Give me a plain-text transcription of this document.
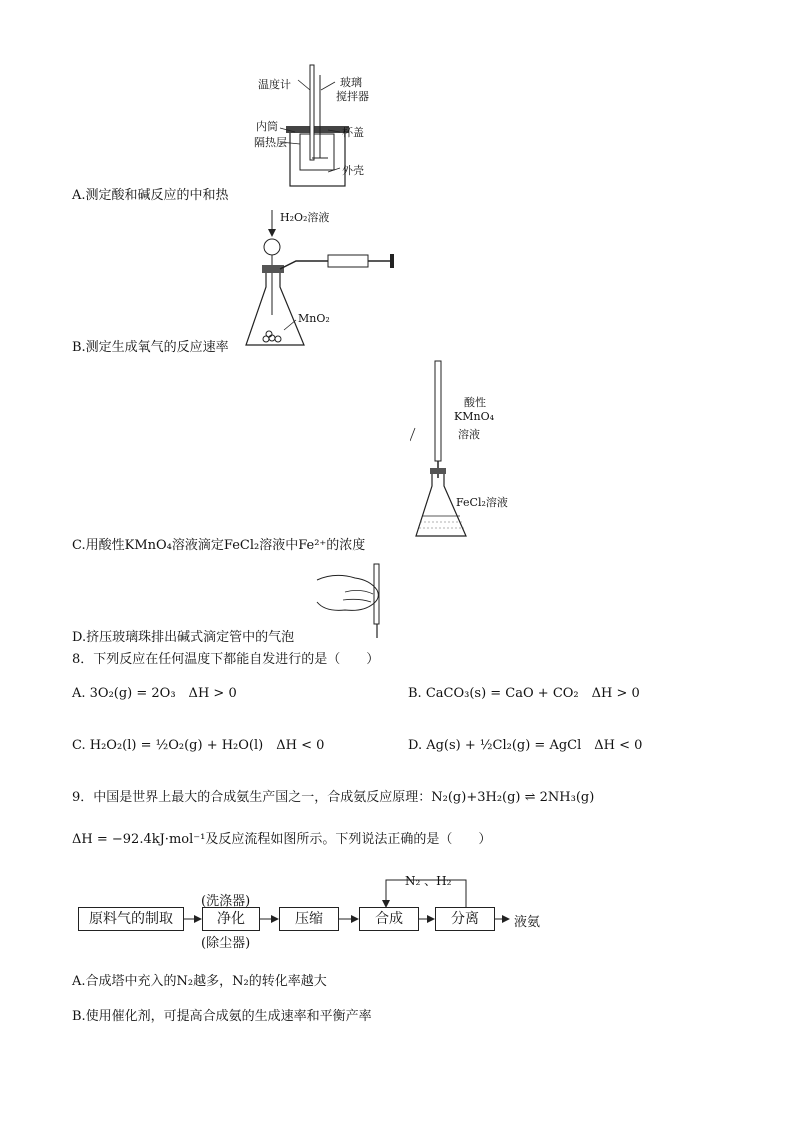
温度计	玻璃
搅拌器
内筒
隔热层
杯盖
外壳
A.测定酸和碱反应的中和热
H₂O₂溶液
MnO₂
B.测定生成氧气的反应速率
酸性
KMnO₄
溶液
FeCl₂溶液
C.用酸性KMnO₄溶液滴定FeCl₂溶液中Fe²⁺的浓度
D.挤压玻璃珠排出碱式滴定管中的气泡
8．下列反应在任何温度下都能自发进行的是（　　）
A. 3O₂(g) = 2O₃　ΔH > 0	B. CaCO₃(s) = CaO + CO₂　ΔH > 0
C. H₂O₂(l) = ½O₂(g) + H₂O(l)　ΔH < 0	D. Ag(s) + ½Cl₂(g) = AgCl　ΔH < 0
9．中国是世界上最大的合成氨生产国之一，合成氨反应原理：N₂(g)+3H₂(g) ⇌ 2NH₃(g)
ΔH = −92.4kJ·mol⁻¹及反应流程如图所示。下列说法正确的是（　　）
原料气的制取	净化	压缩	合成	分离
(洗涤器)
(除尘器)
N₂ 、H₂
液氨
A.合成塔中充入的N₂越多，N₂的转化率越大
B.使用催化剂，可提高合成氨的生成速率和平衡产率
